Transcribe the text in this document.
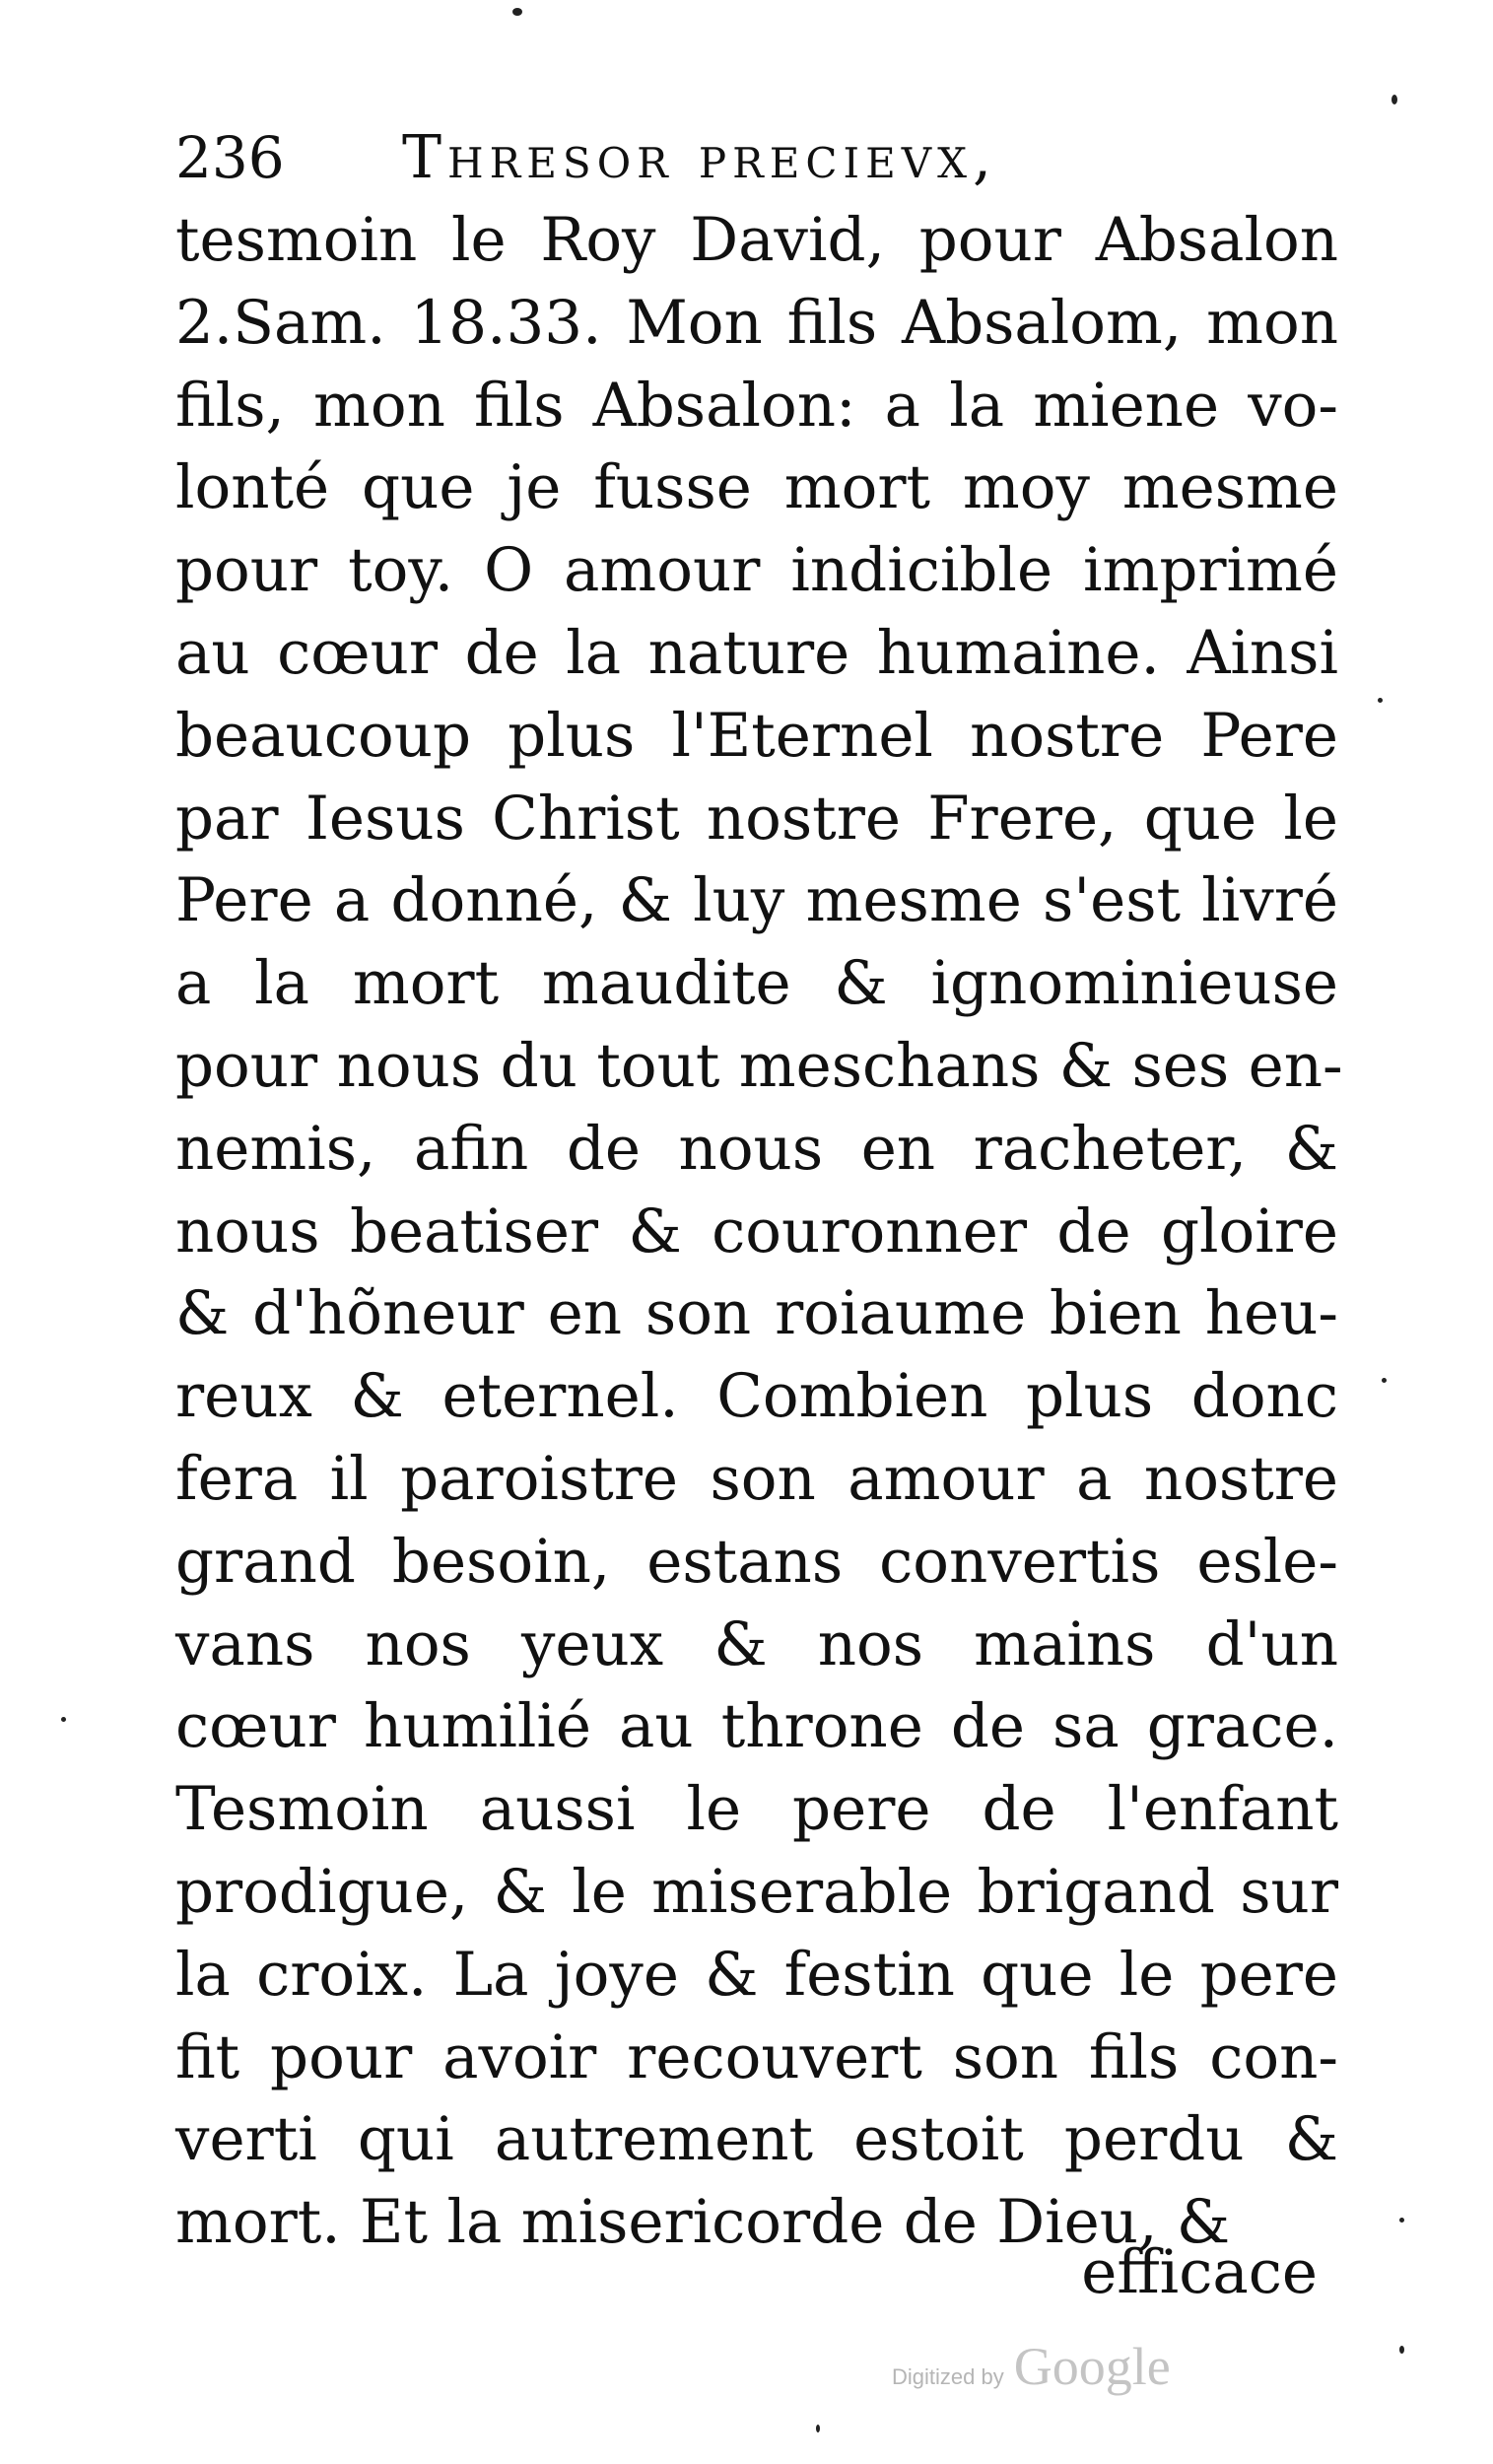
236 Thresor precievx,
tesmoin le Roy David, pour Absalon
2.Sam. 18.33. Mon fils Absalom, mon
fils, mon fils Absalon: a la miene vo-
lonté que je fusse mort moy mesme
pour toy. O amour indicible imprimé
au cœur de la nature humaine. Ainsi
beaucoup plus l'Eternel nostre Pere
par Iesus Christ nostre Frere, que le
Pere a donné, & luy mesme s'est livré
a la mort maudite & ignominieuse
pour nous du tout meschans & ses en-
nemis, afin de nous en racheter, &
nous beatiser & couronner de gloire
& d'hõneur en son roiaume bien heu-
reux & eternel. Combien plus donc
fera il paroistre son amour a nostre
grand besoin, estans convertis esle-
vans nos yeux & nos mains d'un
cœur humilié au throne de sa grace.
Tesmoin aussi le pere de l'enfant
prodigue, & le miserable brigand sur
la croix. La joye & festin que le pere
fit pour avoir recouvert son fils con-
verti qui autrement estoit perdu &
mort. Et la misericorde de Dieu, &
efficace
Digitized by Google
